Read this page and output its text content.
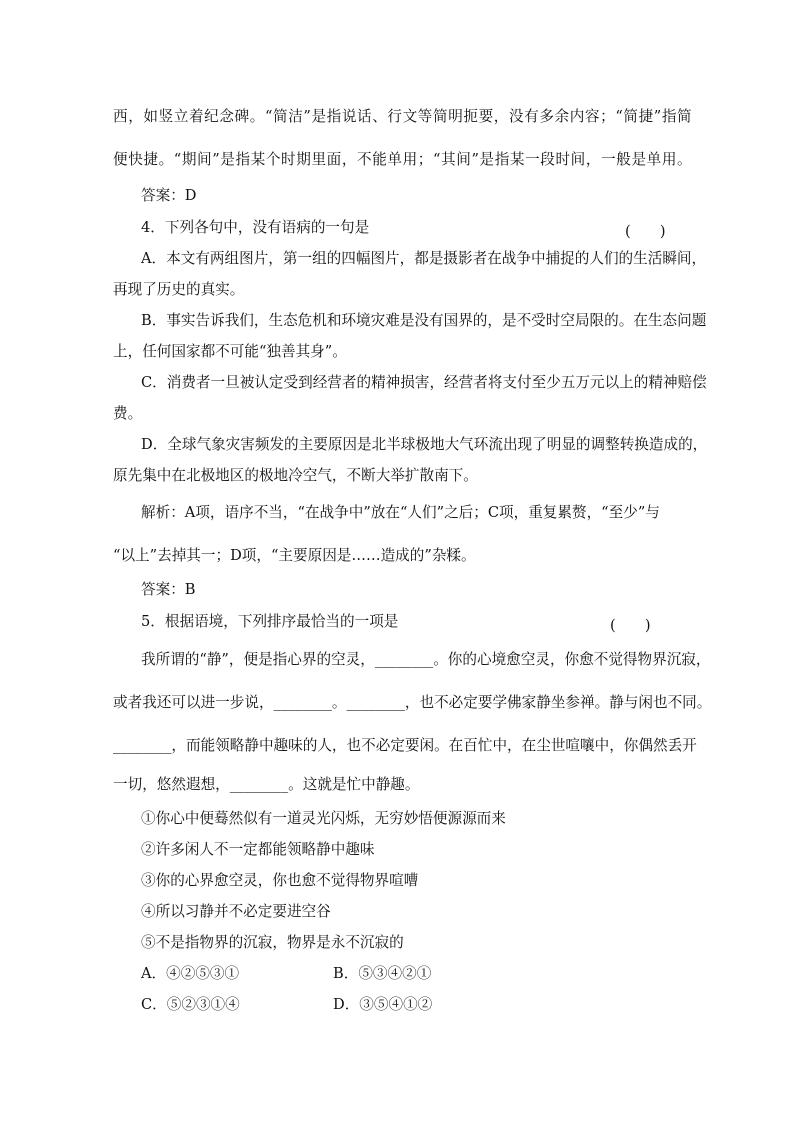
西，如竖立着纪念碑。“简洁”是指说话、行文等简明扼要，没有多余内容；“简捷”指简
便快捷。“期间”是指某个时期里面，不能单用；“其间”是指某一段时间，一般是单用。
答案：D
4．下列各句中，没有语病的一句是	(　　)
A．本文有两组图片，第一组的四幅图片，都是摄影者在战争中捕捉的人们的生活瞬间，
再现了历史的真实。
B．事实告诉我们，生态危机和环境灾难是没有国界的，是不受时空局限的。在生态问题
上，任何国家都不可能“独善其身”。
C．消费者一旦被认定受到经营者的精神损害，经营者将支付至少五万元以上的精神赔偿
费。
D．全球气象灾害频发的主要原因是北半球极地大气环流出现了明显的调整转换造成的，
原先集中在北极地区的极地冷空气，不断大举扩散南下。
解析：A项，语序不当，“在战争中”放在“人们”之后；C项，重复累赘，“至少”与
“以上”去掉其一；D项，“主要原因是……造成的”杂糅。
答案：B
5．根据语境，下列排序最恰当的一项是	(　　)
我所谓的“静”，便是指心界的空灵，________。你的心境愈空灵，你愈不觉得物界沉寂，
或者我还可以进一步说，________。________，也不必定要学佛家静坐参禅。静与闲也不同。
________，而能领略静中趣味的人，也不必定要闲。在百忙中，在尘世喧嚷中，你偶然丢开
一切，悠然遐想，________。这就是忙中静趣。
①你心中便蓦然似有一道灵光闪烁，无穷妙悟便源源而来
②许多闲人不一定都能领略静中趣味
③你的心界愈空灵，你也愈不觉得物界喧嘈
④所以习静并不必定要进空谷
⑤不是指物界的沉寂，物界是永不沉寂的
A．④②⑤③①	B．⑤③④②①
C．⑤②③①④	D．③⑤④①②
